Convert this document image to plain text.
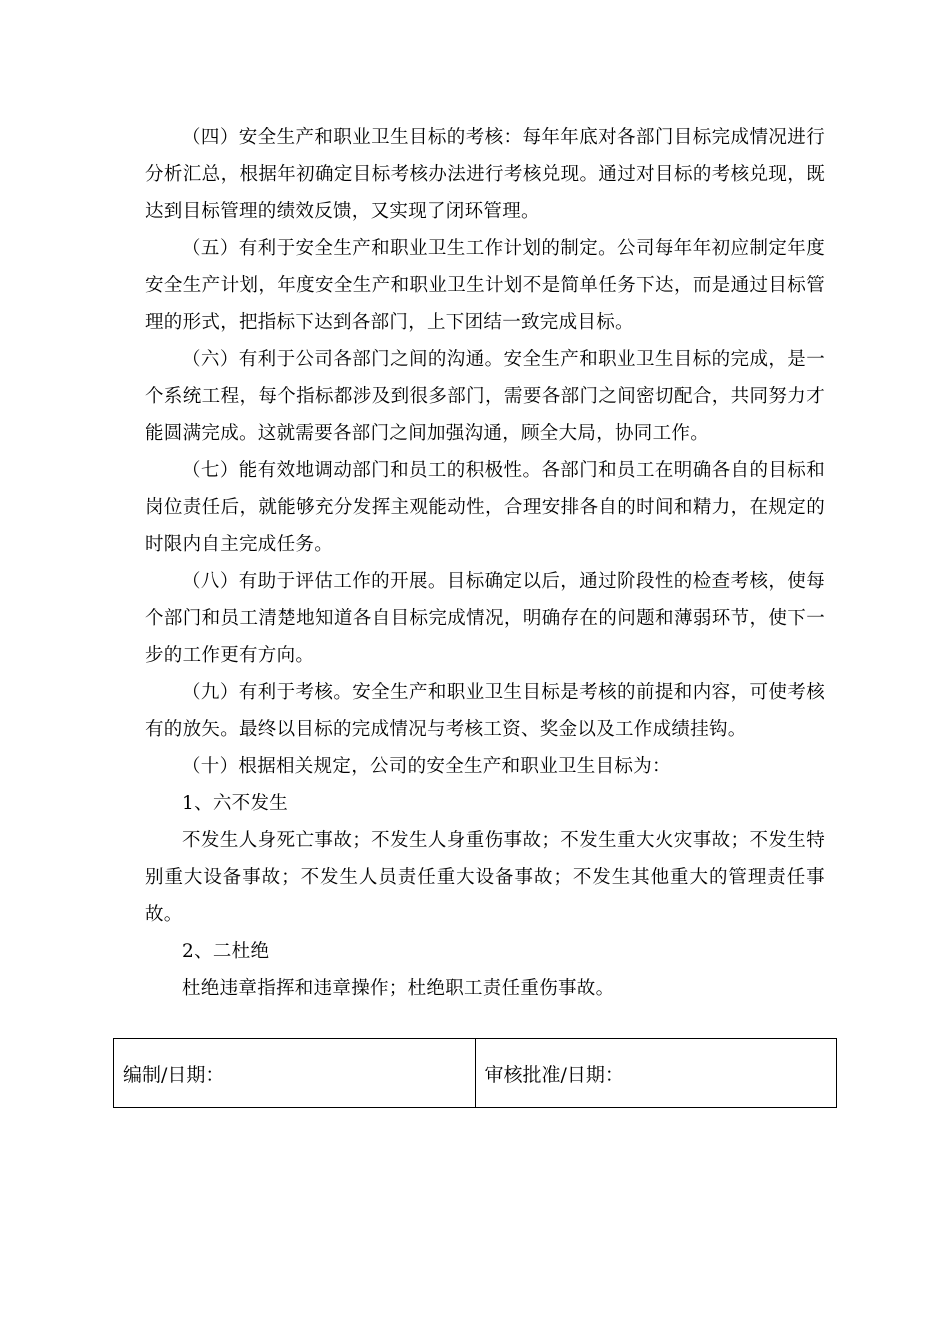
（四）安全生产和职业卫生目标的考核：每年年底对各部门目标完成情况进行分析汇总，根据年初确定目标考核办法进行考核兑现。通过对目标的考核兑现，既达到目标管理的绩效反馈，又实现了闭环管理。

（五）有利于安全生产和职业卫生工作计划的制定。公司每年年初应制定年度安全生产计划，年度安全生产和职业卫生计划不是简单任务下达，而是通过目标管理的形式，把指标下达到各部门，上下团结一致完成目标。

（六）有利于公司各部门之间的沟通。安全生产和职业卫生目标的完成，是一个系统工程，每个指标都涉及到很多部门，需要各部门之间密切配合，共同努力才能圆满完成。这就需要各部门之间加强沟通，顾全大局，协同工作。

（七）能有效地调动部门和员工的积极性。各部门和员工在明确各自的目标和岗位责任后，就能够充分发挥主观能动性，合理安排各自的时间和精力，在规定的时限内自主完成任务。

（八）有助于评估工作的开展。目标确定以后，通过阶段性的检查考核，使每个部门和员工清楚地知道各自目标完成情况，明确存在的问题和薄弱环节，使下一步的工作更有方向。

（九）有利于考核。安全生产和职业卫生目标是考核的前提和内容，可使考核有的放矢。最终以目标的完成情况与考核工资、奖金以及工作成绩挂钩。

（十）根据相关规定，公司的安全生产和职业卫生目标为：

1、六不发生

不发生人身死亡事故；不发生人身重伤事故；不发生重大火灾事故；不发生特别重大设备事故；不发生人员责任重大设备事故；不发生其他重大的管理责任事故。

2、二杜绝

杜绝违章指挥和违章操作；杜绝职工责任重伤事故。

编制/日期：	审核批准/日期：
